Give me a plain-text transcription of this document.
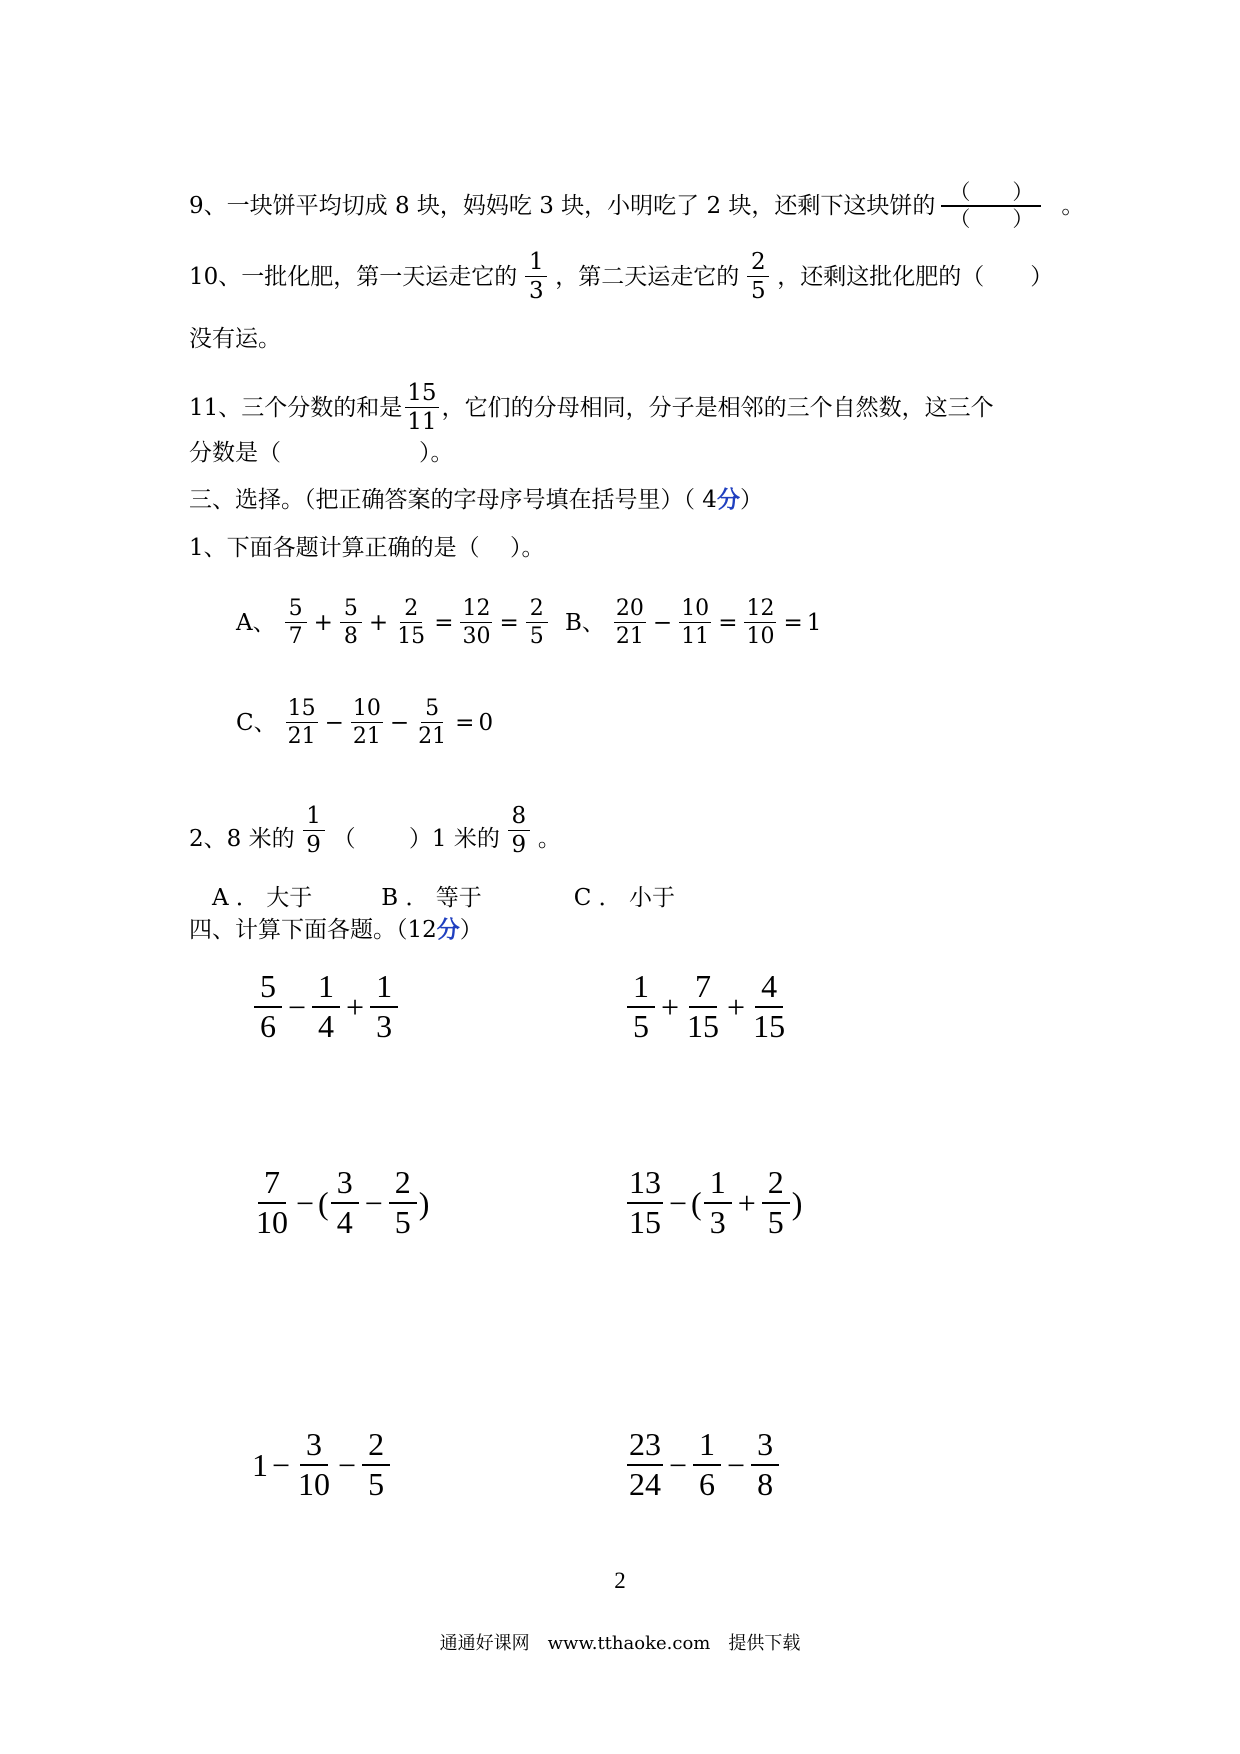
9、一块饼平均切成 8 块，妈妈吃 3 块，小明吃了 2 块，还剩下这块饼的 $\frac{( )}{( )}$ 。
10、一批化肥，第一天运走它的 $\frac{1}{3}$ ，第二天运走它的 $\frac{2}{5}$ ，还剩这批化肥的（　　）
没有运。
11、三个分数的和是 $\frac{15}{11}$ ，它们的分母相同，分子是相邻的三个自然数，这三个
分数是（　　　　　　）。
三、选择。（把正确答案的字母序号填在括号里）（ 4 分 ）
1、下面各题计算正确的是（　 ）。
A、 $\frac{5}{7} + \frac{5}{8} + \frac{2}{15} = \frac{12}{30} = \frac{2}{5}$ B、 $\frac{20}{21} - \frac{10}{11} = \frac{12}{10} = 1$
C、 $\frac{15}{21} - \frac{10}{21} - \frac{5}{21} = 0$
2、8 米的 $\frac{1}{9}$ （　　 ）1 米的 $\frac{8}{9}$ 。
A ． 大于　　　B ． 等于　　　　C ． 小于
四、计算下面各题。（12 分 ）
$\frac{5}{6} - \frac{1}{4} + \frac{1}{3}$	$\frac{1}{5} + \frac{7}{15} + \frac{4}{15}$
$\frac{7}{10}$ − ( $\frac{3}{4} - \frac{2}{5}$ )	$\frac{13}{15}$ − ( $\frac{1}{3} + \frac{2}{5}$ )
$1 - \frac{3}{10} - \frac{2}{5}$	$\frac{23}{24} - \frac{1}{6} - \frac{3}{8}$
2
通通好课网　www.tthaoke.com　提供下载
